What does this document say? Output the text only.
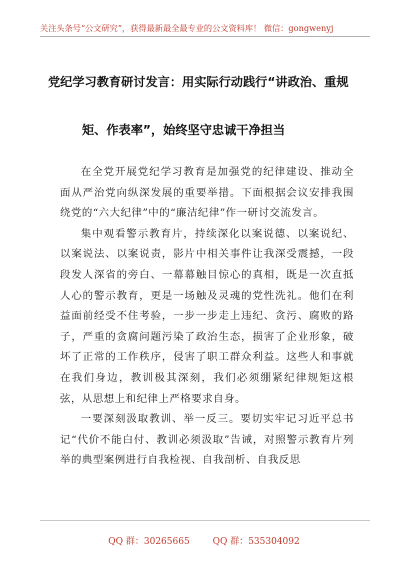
关注头条号“公文研究”，获得最新最全最专业的公文资料库！ 微信：gongwenyj
党纪学习教育研讨发言：用实际行动践行“讲政治、重规
矩、作表率”，始终坚守忠诚干净担当

在全党开展党纪学习教育是加强党的纪律建设、推动全面从严治党向纵深发展的重要举措。下面根据会议安排我围绕党的“六大纪律”中的“廉洁纪律”作一研讨交流发言。

集中观看警示教育片，持续深化以案说德、以案说纪、以案说法、以案说责，影片中相关事件让我深受震撼，一段段发人深省的旁白、一幕幕触目惊心的真相，既是一次直抵人心的警示教育，更是一场触及灵魂的党性洗礼。他们在利益面前经受不住考验，一步一步走上违纪、贪污、腐败的路子，严重的贪腐问题污染了政治生态，损害了企业形象，破坏了正常的工作秩序，侵害了职工群众利益。这些人和事就在我们身边，教训极其深刻，我们必须绷紧纪律规矩这根弦，从思想上和纪律上严格要求自身。

一要深刻汲取教训、举一反三。要切实牢记习近平总书记“代价不能白付、教训必须汲取”告诫，对照警示教育片列举的典型案例进行自我检视、自我剖析、自我反思

QQ 群：30265665	QQ 群：535304092
